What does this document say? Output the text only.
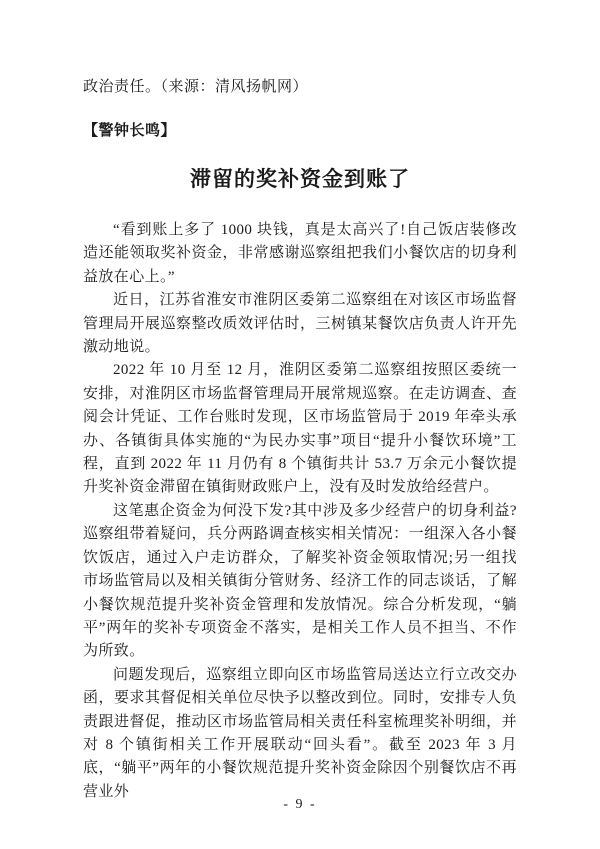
政治责任。（来源：清风扬帆网）

【警钟长鸣】

滞留的奖补资金到账了

“看到账上多了 1000 块钱，真是太高兴了!自己饭店装修改造还能领取奖补资金，非常感谢巡察组把我们小餐饮店的切身利益放在心上。”

近日，江苏省淮安市淮阴区委第二巡察组在对该区市场监督管理局开展巡察整改质效评估时，三树镇某餐饮店负责人许开先激动地说。

2022 年 10 月至 12 月，淮阴区委第二巡察组按照区委统一安排，对淮阴区市场监督管理局开展常规巡察。在走访调查、查阅会计凭证、工作台账时发现，区市场监管局于 2019 年牵头承办、各镇街具体实施的“为民办实事”项目“提升小餐饮环境”工程，直到 2022 年 11 月仍有 8 个镇街共计 53.7 万余元小餐饮提升奖补资金滞留在镇街财政账户上，没有及时发放给经营户。

这笔惠企资金为何没下发?其中涉及多少经营户的切身利益?巡察组带着疑问，兵分两路调查核实相关情况：一组深入各小餐饮饭店，通过入户走访群众，了解奖补资金领取情况;另一组找市场监管局以及相关镇街分管财务、经济工作的同志谈话，了解小餐饮规范提升奖补资金管理和发放情况。综合分析发现，“躺平”两年的奖补专项资金不落实，是相关工作人员不担当、不作为所致。

问题发现后，巡察组立即向区市场监管局送达立行立改交办函，要求其督促相关单位尽快予以整改到位。同时，安排专人负责跟进督促，推动区市场监管局相关责任科室梳理奖补明细，并对 8 个镇街相关工作开展联动“回头看”。截至 2023 年 3 月底，“躺平”两年的小餐饮规范提升奖补资金除因个别餐饮店不再营业外

- 9 -
